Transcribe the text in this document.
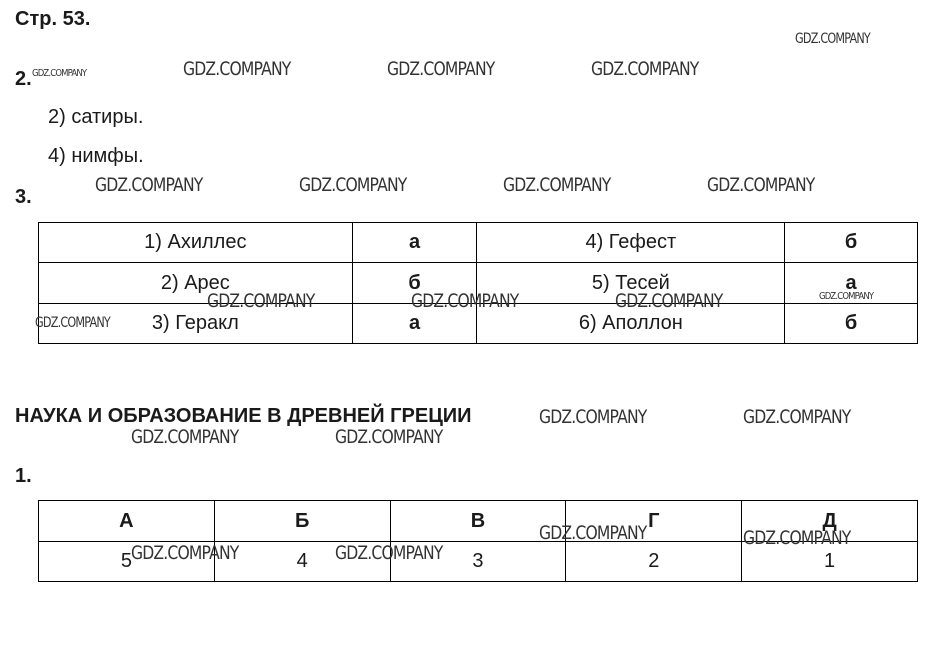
Стр. 53.
2.
2) сатиры.
4) нимфы.
3.
1) Ахиллес	а	4) Гефест	б
2) Арес	б	5) Тесей	а
3) Геракл	а	6) Аполлон	б
НАУКА И ОБРАЗОВАНИЕ В ДРЕВНЕЙ ГРЕЦИИ
1.
А	Б	В	Г	Д
5	4	3	2	1
GDZ.COMPANY
GDZ.COMPANY	GDZ.COMPANY	GDZ.COMPANY	GDZ.COMPANY
GDZ.COMPANY	GDZ.COMPANY	GDZ.COMPANY	GDZ.COMPANY
GDZ.COMPANY	GDZ.COMPANY	GDZ.COMPANY	GDZ.COMPANY
GDZ.COMPANY
GDZ.COMPANY	GDZ.COMPANY
GDZ.COMPANY	GDZ.COMPANY
GDZ.COMPANY	GDZ.COMPANY
GDZ.COMPANY	GDZ.COMPANY
